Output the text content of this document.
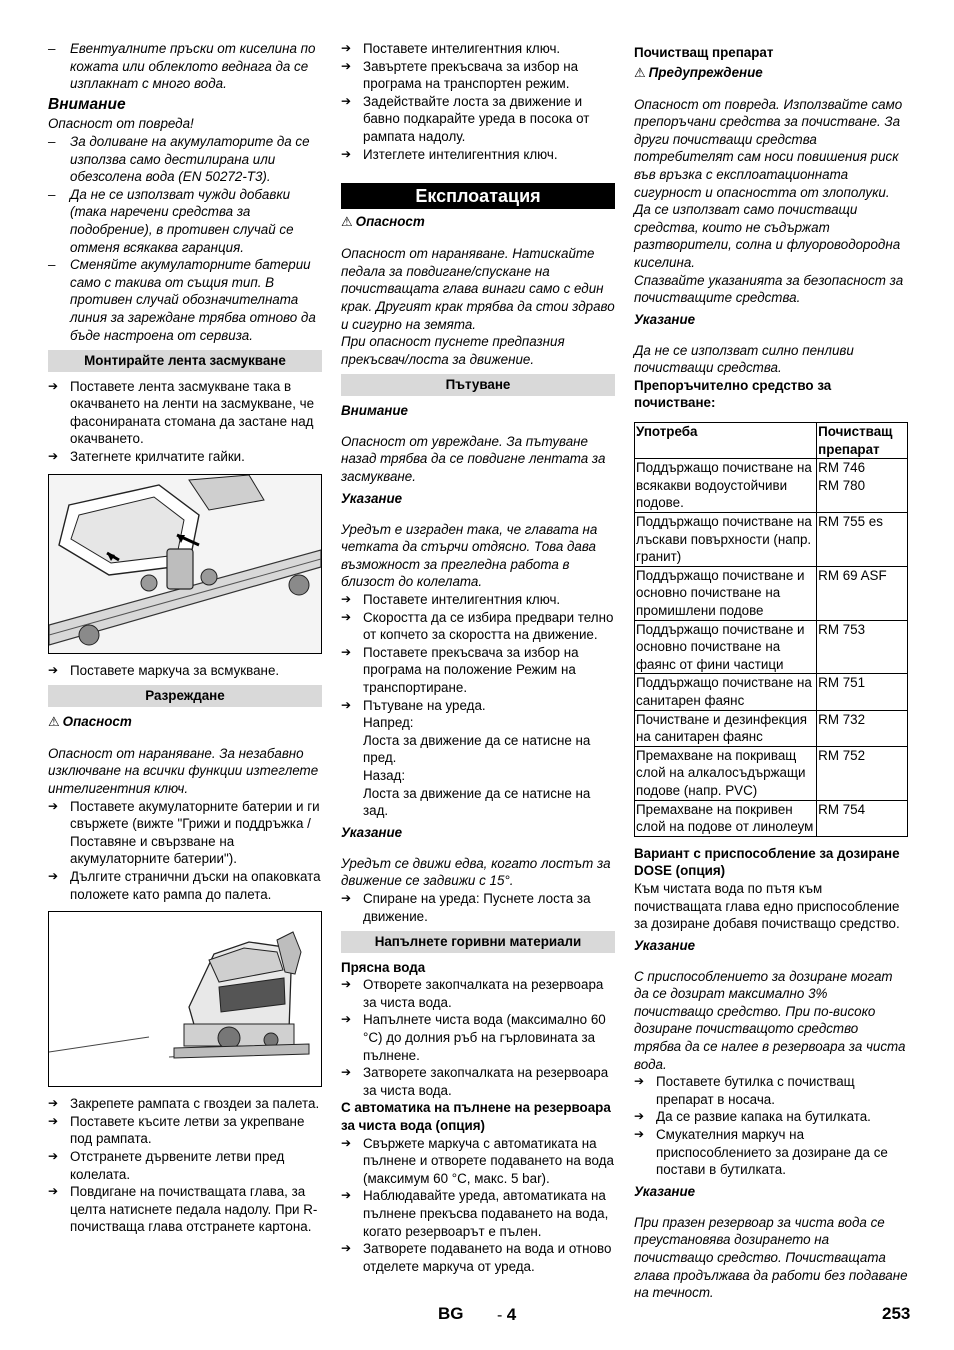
– Евентуалните пръски от киселина по кожата или облеклото веднага да се изплакнат с много вода.

Внимание

Опасност от повреда!

– За доливане на акумулаторите да се използва само дестилирана или обезсолена вода (EN 50272-T3).

– Да не се използват чужди добавки (така наречени средства за подобрение), в противен случай се отменя всякаква гаранция.

– Сменяйте акумулаторните батерии само с такива от същия тип. В противен случай обозначителната линия за зареждане трябва отново да бъде настроена от сервиза.

Монтирайте лента засмукване

➔ Поставете лента засмукване така в окачването на ленти на засмукване, че фасонираната стомана да застане над окачването.

➔ Затегнете крилчатите гайки.

➔ Поставете маркуча за всмукване.

Разреждане

⚠ Опасност

Опасност от нараняване. За незабавно изключване на всички функции изтеглете интелигентния ключ.

➔ Поставете акумулаторните батерии и ги свържете (вижте "Грижи и поддръжка / Поставяне и свързване на акумулаторните батерии").

➔ Дългите странични дъски на опаковката положете като рампа до палета.

➔ Закрепете рампата с гвоздеи за палета.

➔ Поставете късите летви за укрепване под рампата.

➔ Отстранете дървените летви пред колелата.

➔ Повдигане на почистващата глава, за целта натиснете педала надолу. При R-почистваща глава отстранете картона.

➔ Поставете интелигентния ключ.

➔ Завъртете прекъсвача за избор на програма на транспортен режим.

➔ Задействайте лоста за движение и бавно подкарайте уреда в посока от рампата надолу.

➔ Изтеглете интелигентния ключ.

Експлоатация

⚠ Опасност

Опасност от нараняване. Натискайте педала за повдигане/спускане на почистващата глава винаги само с един крак. Другият крак трябва да стои здраво и сигурно на земята.

При опасност пуснете предпазния прекъсвач/лоста за движение.

Пътуване

Внимание

Опасност от увреждане. За пътуване назад трябва да се повдигне лентата за засмукване.

Указание

Уредът е изграден така, че главата на четката да стърчи отдясно. Това дава възможност за прегледна работа в близост до колелата.

➔ Поставете интелигентния ключ.

➔ Скоростта да се избира предвари телно от копчето за скоростта на движение.

➔ Поставете прекъсвача за избор на програма на положение Режим на транспортиране.

➔ Пътуване на уреда.

Напред:

Лоста за движение да се натисне на пред.

Назад:

Лоста за движение да се натисне на зад.

Указание

Уредът се движи едва, когато лостът за движение се задвижи с 15°.

➔ Спиране на уреда: Пуснете лоста за движение.

Напълнете горивни материали

Прясна вода

➔ Отворете закопчалката на резервоара за чиста вода.

➔ Напълнете чиста вода (максимално 60 °C) до долния ръб на гърловината за пълнене.

➔ Затворете закопчалката на резервоара за чиста вода.

С автоматика на пълнене на резервоара за чиста вода (опция)

➔ Свържете маркуча с автоматиката на пълнене и отворете подаването на вода (максимум 60 °C, макс. 5 bar).

➔ Наблюдавайте уреда, автоматиката на пълнене прекъсва подаването на вода, когато резервоарът е пълен.

➔ Затворете подаването на вода и отново отделете маркуча от уреда.

Почистващ препарат

⚠ Предупреждение

Опасност от повреда. Използвайте само препоръчани средства за почистване. За други почистващи средства потребителят сам носи повишения риск във връзка с експлоатационната сигурност и опасността от злополуки. Да се използват само почистващи средства, които не съдържат разтворители, солна и флуороводородна киселина.

Спазвайте указанията за безопасност за почистващите средства.

Указание

Да не се използват силно пенливи почистващи средства.

Препоръчително средство за почистване:

Употреба	Почистващ препарат
Поддържащо почистване на всякакви водоустойчиви подове.	RM 746
RM 780
Поддържащо почистване на лъскави повърхности (напр. гранит)	RM 755 es
Поддържащо почистване и основно почистване на промишлени подове	RM 69 ASF
Поддържащо почистване и основно почистване на фаянс от фини частици	RM 753
Поддържащо почистване на санитарен фаянс	RM 751
Почистване и дезинфекция на санитарен фаянс	RM 732
Премахване на покриващ слой на алкалосъдържащи подове (напр. PVC)	RM 752
Премахване на покривен слой на подове от линолеум	RM 754

Вариант с приспособление за дозиране DOSE (опция)

Към чистата вода по пътя към почистващата глава едно приспособление за дозиране добавя почистващо средство.

Указание

С приспособлението за дозиране могат да се дозират максимално 3% почистващо средство. При по-високо дозиране почистващото средство трябва да се налее в резервоара за чиста вода.

➔ Поставете бутилка с почистващ препарат в носача.

➔ Да се развие капака на бутилката.

➔ Смукателния маркуч на приспособлението за дозиране да се постави в бутилката.

Указание

При празен резервоар за чиста вода се преустановява дозирането на почистващо средство. Почистващата глава продължава да работи без подаване на течност.

BG - 4	253
